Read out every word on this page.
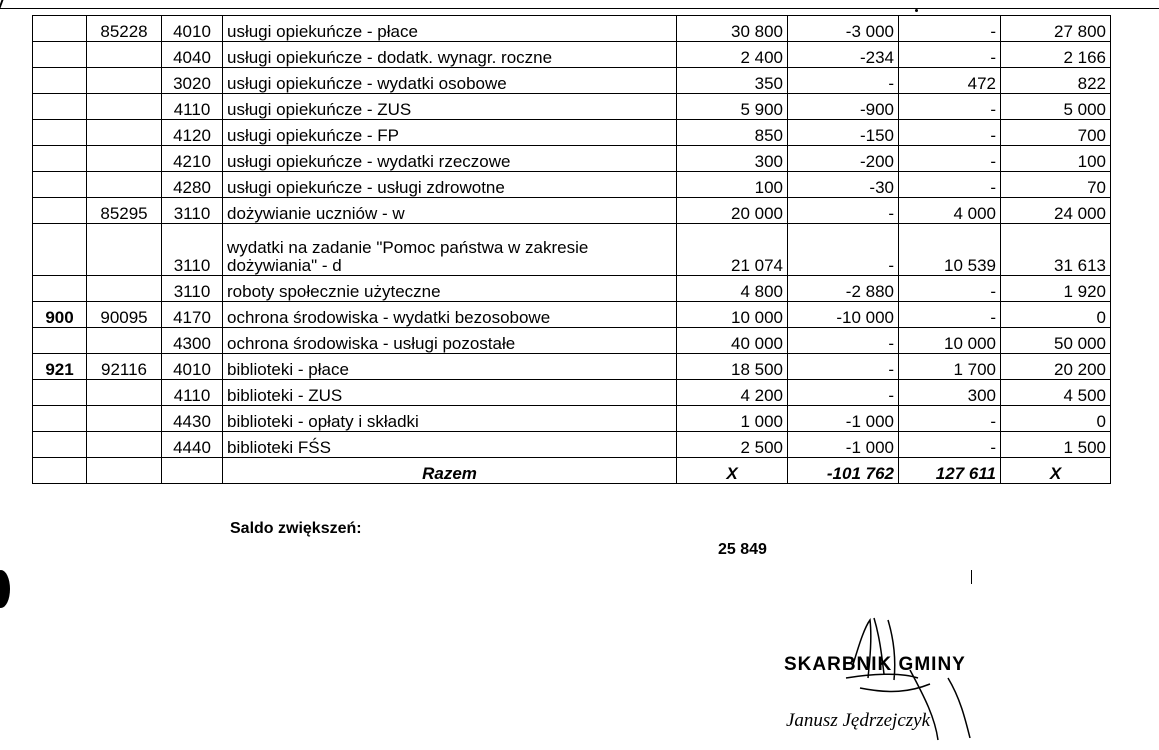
	85228	4010	usługi opiekuńcze - płace	30 800	-3 000	-	27 800
		4040	usługi opiekuńcze - dodatk. wynagr. roczne	2 400	-234	-	2 166
		3020	usługi opiekuńcze - wydatki osobowe	350	-	472	822
		4110	usługi opiekuńcze - ZUS	5 900	-900	-	5 000
		4120	usługi opiekuńcze - FP	850	-150	-	700
		4210	usługi opiekuńcze - wydatki rzeczowe	300	-200	-	100
		4280	usługi opiekuńcze - usługi zdrowotne	100	-30	-	70
	85295	3110	dożywianie uczniów - w	20 000	-	4 000	24 000
		3110	wydatki na zadanie "Pomoc państwa w zakresie dożywiania" - d	21 074	-	10 539	31 613
		3110	roboty społecznie użyteczne	4 800	-2 880	-	1 920
900	90095	4170	ochrona środowiska - wydatki bezosobowe	10 000	-10 000	-	0
		4300	ochrona środowiska - usługi pozostałe	40 000	-	10 000	50 000
921	92116	4010	biblioteki - płace	18 500	-	1 700	20 200
		4110	biblioteki - ZUS	4 200	-	300	4 500
		4430	biblioteki - opłaty i składki	1 000	-1 000	-	0
		4440	biblioteki FŚS	2 500	-1 000	-	1 500
			Razem	X	-101 762	127 611	X
Saldo zwiększeń:
25 849
SKARBNIK GMINY
Janusz Jędrzejczyk
